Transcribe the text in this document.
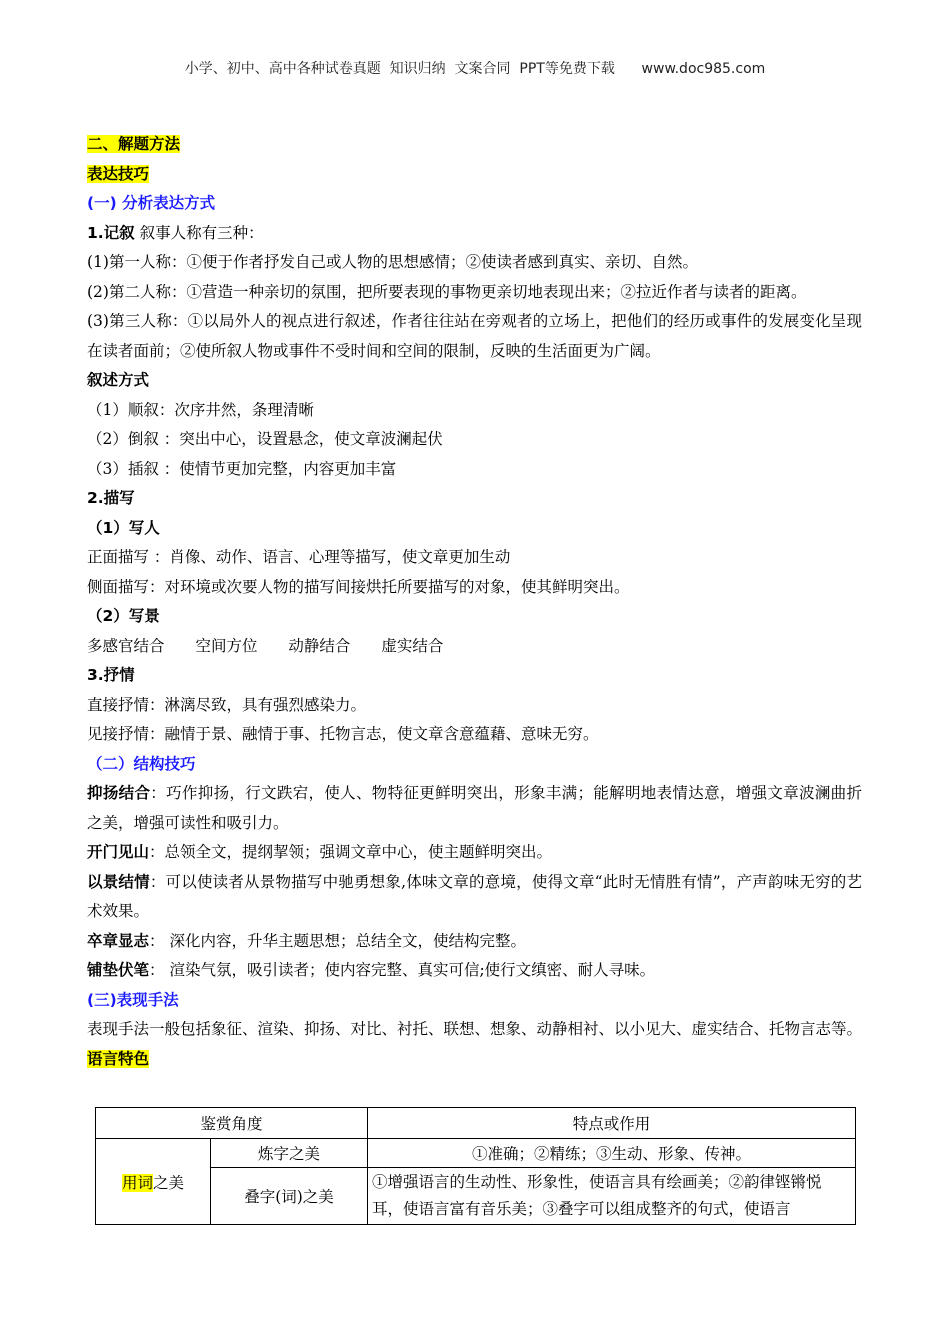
小学、初中、高中各种试卷真题  知识归纳  文案合同  PPT等免费下载      www.doc985.com
二、解题方法
表达技巧
(一) 分析表达方式
1.记叙 叙事人称有三种：
(1)第一人称：①便于作者抒发自己或人物的思想感情；②使读者感到真实、亲切、自然。
(2)第二人称：①营造一种亲切的氛围，把所要表现的事物更亲切地表现出来；②拉近作者与读者的距离。
(3)第三人称：①以局外人的视点进行叙述，作者往往站在旁观者的立场上，把他们的经历或事件的发展变化呈现在读者面前；②使所叙人物或事件不受时间和空间的限制，反映的生活面更为广阔。
叙述方式
（1）顺叙：次序井然，条理清晰
（2）倒叙 ：突出中心，设置悬念，使文章波澜起伏
（3）插叙 ：使情节更加完整，内容更加丰富
2.描写
（1）写人
正面描写 ：肖像、动作、语言、心理等描写，使文章更加生动
侧面描写：对环境或次要人物的描写间接烘托所要描写的对象，使其鲜明突出。
（2）写景
多感官结合 空间方位 动静结合 虚实结合
3.抒情
直接抒情：淋漓尽致，具有强烈感染力。
见接抒情：融情于景、融情于事、托物言志，使文章含意蕴藉、意味无穷。
（二）结构技巧
抑扬结合：巧作抑扬，行文跌宕，使人、物特征更鲜明突出，形象丰满；能解明地表情达意，增强文章波澜曲折之美，增强可读性和吸引力。
开门见山：总领全文，提纲挈领；强调文章中心，使主题鲜明突出。
以景结情：可以使读者从景物描写中驰勇想象,体味文章的意境，使得文章“此时无情胜有情”，产声韵味无穷的艺术效果。
卒章显志： 深化内容，升华主题思想；总结全文，使结构完整。
铺垫伏笔： 渲染气氛，吸引读者；使内容完整、真实可信;使行文缜密、耐人寻味。
(三)表现手法
表现手法一般包括象征、渲染、抑扬、对比、衬托、联想、想象、动静相衬、以小见大、虚实结合、托物言志等。
语言特色
鉴赏角度		特点或作用
用词之美	炼字之美	①准确；②精练；③生动、形象、传神。
	叠字(词)之美	①增强语言的生动性、形象性，使语言具有绘画美；②韵律铿锵悦耳，使语言富有音乐美；③叠字可以组成整齐的句式，使语言
